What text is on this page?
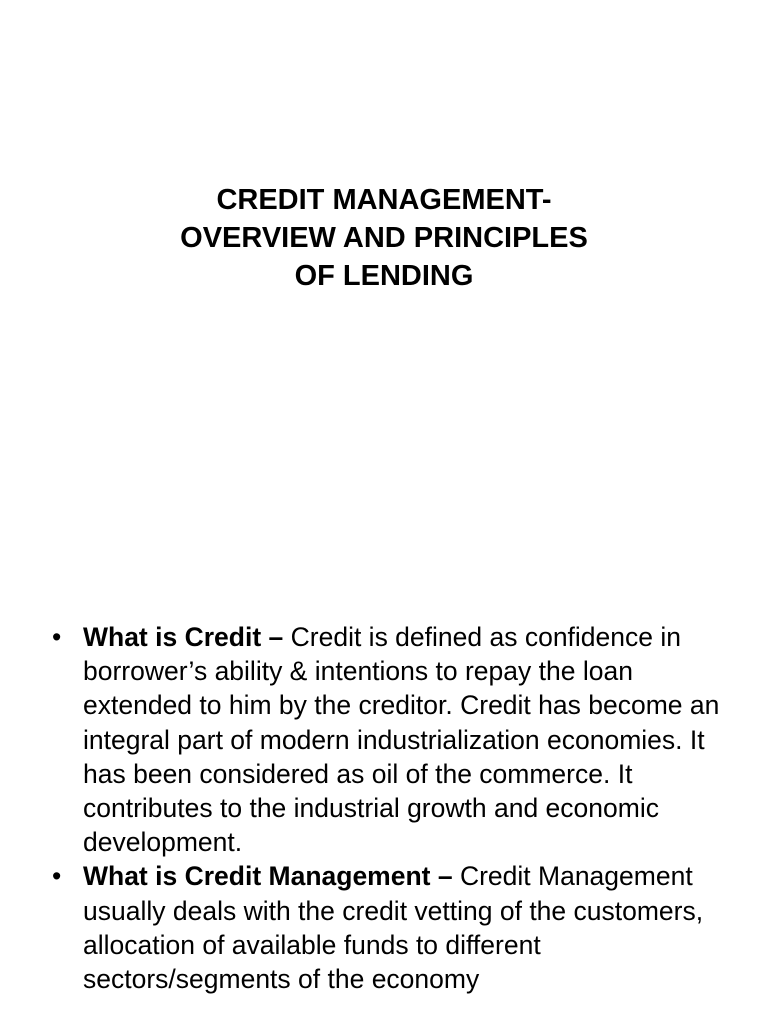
CREDIT MANAGEMENT-
OVERVIEW AND PRINCIPLES
OF LENDING
• What is Credit – Credit is defined as confidence in borrower’s ability & intentions to repay the loan extended to him by the creditor. Credit has become an integral part of modern industrialization economies. It has been considered as oil of the commerce. It contributes to the industrial growth and economic development.
• What is Credit Management – Credit Management usually deals with the credit vetting of the customers, allocation of available funds to different sectors/segments of the economy
